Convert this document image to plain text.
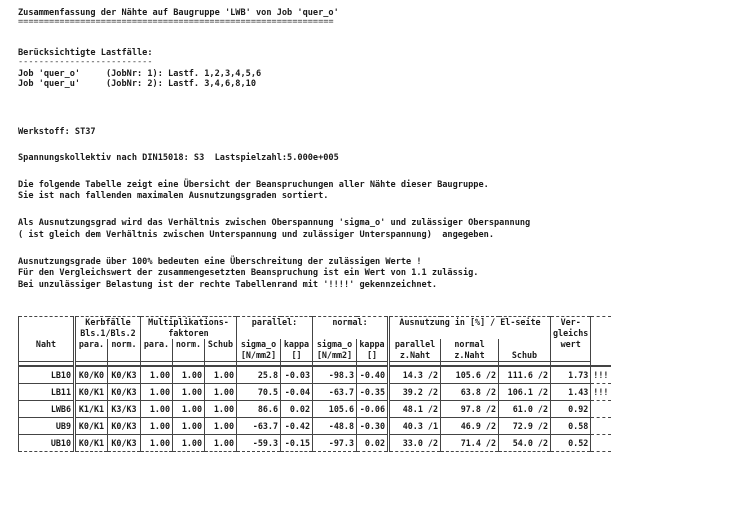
Zusammenfassung der Nähte auf Baugruppe 'LWB' von Job 'quer_o'
=============================================================
Berücksichtigte Lastfälle:
--------------------------
Job 'quer_o'     (JobNr: 1): Lastf. 1,2,3,4,5,6
Job 'quer_u'     (JobNr: 2): Lastf. 3,4,6,8,10
Werkstoff: ST37
Spannungskollektiv nach DIN15018: S3  Lastspielzahl:5.000e+005
Die folgende Tabelle zeigt eine Übersicht der Beanspruchungen aller Nähte dieser Baugruppe.
Sie ist nach fallenden maximalen Ausnutzungsgraden sortiert.
Als Ausnutzungsgrad wird das Verhältnis zwischen Oberspannung 'sigma_o' und zulässiger Oberspannung
( ist gleich dem Verhältnis zwischen Unterspannung und zulässiger Unterspannung)  angegeben.
Ausnutzungsgrade über 100% bedeuten eine Überschreitung der zulässigen Werte !
Für den Vergleichswert der zusammengesetzten Beanspruchung ist ein Wert von 1.1 zulässig.
Bei unzulässiger Belastung ist der rechte Tabellenrand mit '!!!!' gekennzeichnet.
	Kerbfälle		Multiplikations-			parallel:		normal:		Ausnutzung in [%] / El-seite			Ver-	
	Bls.1/Bls.2		faktoren										gleichs	
Naht	para.	norm.	para.	norm.	Schub	sigma_o	kappa	sigma_o	kappa	parallel	normal		wert	
						[N/mm2]	[]	[N/mm2]	[]	z.Naht	z.Naht	Schub		

LB10	K0/K0	K0/K3	1.00	1.00	1.00	25.8	-0.03	-98.3	-0.40	14.3 /2	105.6 /2	111.6 /2	1.73	!!!
LB11	K0/K1	K0/K3	1.00	1.00	1.00	70.5	-0.04	-63.7	-0.35	39.2 /2	63.8 /2	106.1 /2	1.43	!!!
LWB6	K1/K1	K3/K3	1.00	1.00	1.00	86.6	0.02	105.6	-0.06	48.1 /2	97.8 /2	61.0 /2	0.92	
UB9	K0/K1	K0/K3	1.00	1.00	1.00	-63.7	-0.42	-48.8	-0.30	40.3 /1	46.9 /2	72.9 /2	0.58	
UB10	K0/K1	K0/K3	1.00	1.00	1.00	-59.3	-0.15	-97.3	0.02	33.0 /2	71.4 /2	54.0 /2	0.52	
